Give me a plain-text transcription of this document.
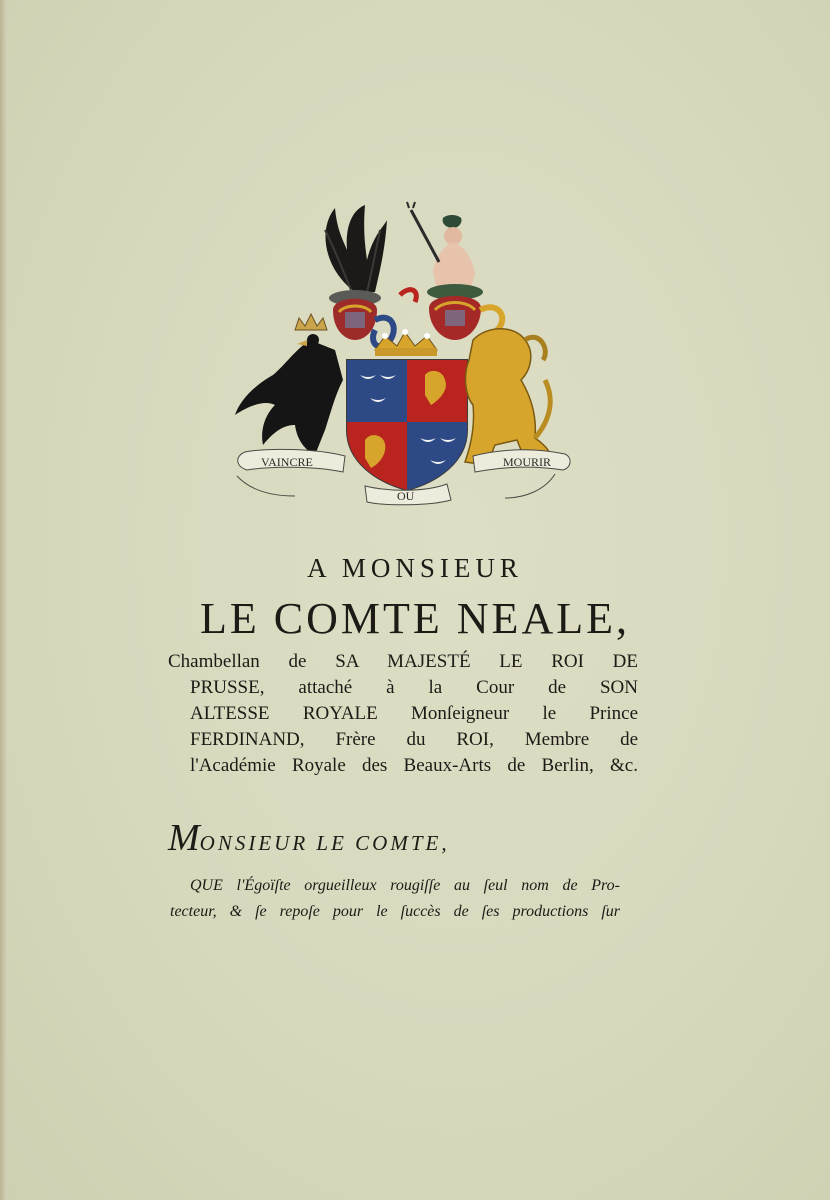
VAINCRE
OU
MOURIR
A MONSIEUR
LE COMTE NEALE,
Chambellan de SA MAJESTÉ LE ROI DE
PRUSSE, attaché à la Cour de SON
ALTESSE ROYALE Monſeigneur le Prince
FERDINAND, Frère du ROI, Membre de
l'Académie Royale des Beaux-Arts de Berlin, &c.
MONSIEUR LE COMTE,
QUE l'Égoïſte orgueilleux rougiſſe au ſeul nom de Pro-
tecteur, & ſe repoſe pour le ſuccès de ſes productions ſur
